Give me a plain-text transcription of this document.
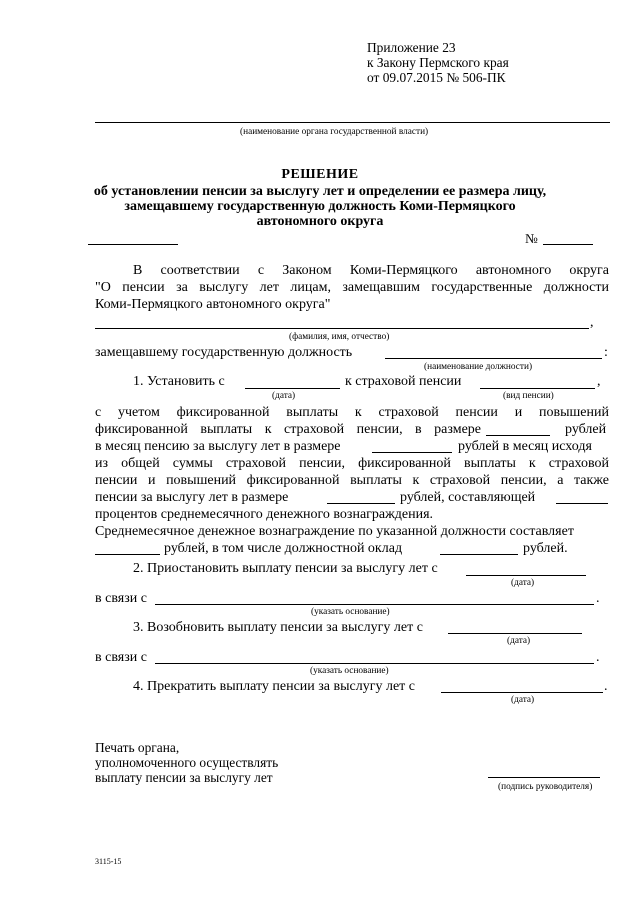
Приложение 23
к Закону Пермского края
от 09.07.2015 № 506-ПК
(наименование органа государственной власти)
РЕШЕНИЕ
об установлении пенсии за выслугу лет и определении ее размера лицу,
замещавшему государственную должность Коми-Пермяцкого
автономного округа
№
В соответствии с Законом Коми-Пермяцкого автономного округа
"О пенсии за выслугу лет лицам, замещавшим государственные должности
Коми-Пермяцкого автономного округа"
,
(фамилия, имя, отчество)
замещавшему государственную должность	:
(наименование должности)
1. Установить с	к страховой пенсии	,
(дата)	(вид пенсии)
с учетом фиксированной выплаты к страховой пенсии и повышений
фиксированной выплаты к страховой пенсии, в размере	рублей
в месяц пенсию за выслугу лет в размере	рублей в месяц исходя
из общей суммы страховой пенсии, фиксированной выплаты к страховой
пенсии и повышений фиксированной выплаты к страховой пенсии, а также
пенсии за выслугу лет в размере	рублей, составляющей
процентов среднемесячного денежного вознаграждения.
Среднемесячное денежное вознаграждение по указанной должности составляет
рублей, в том числе должностной оклад	рублей.
2. Приостановить выплату пенсии за выслугу лет с
(дата)
в связи с	.
(указать основание)
3. Возобновить выплату пенсии за выслугу лет с
(дата)
в связи с	.
(указать основание)
4. Прекратить выплату пенсии за выслугу лет с	.
(дата)
Печать органа,
уполномоченного осуществлять
выплату пенсии за выслугу лет
(подпись руководителя)
3115-15
